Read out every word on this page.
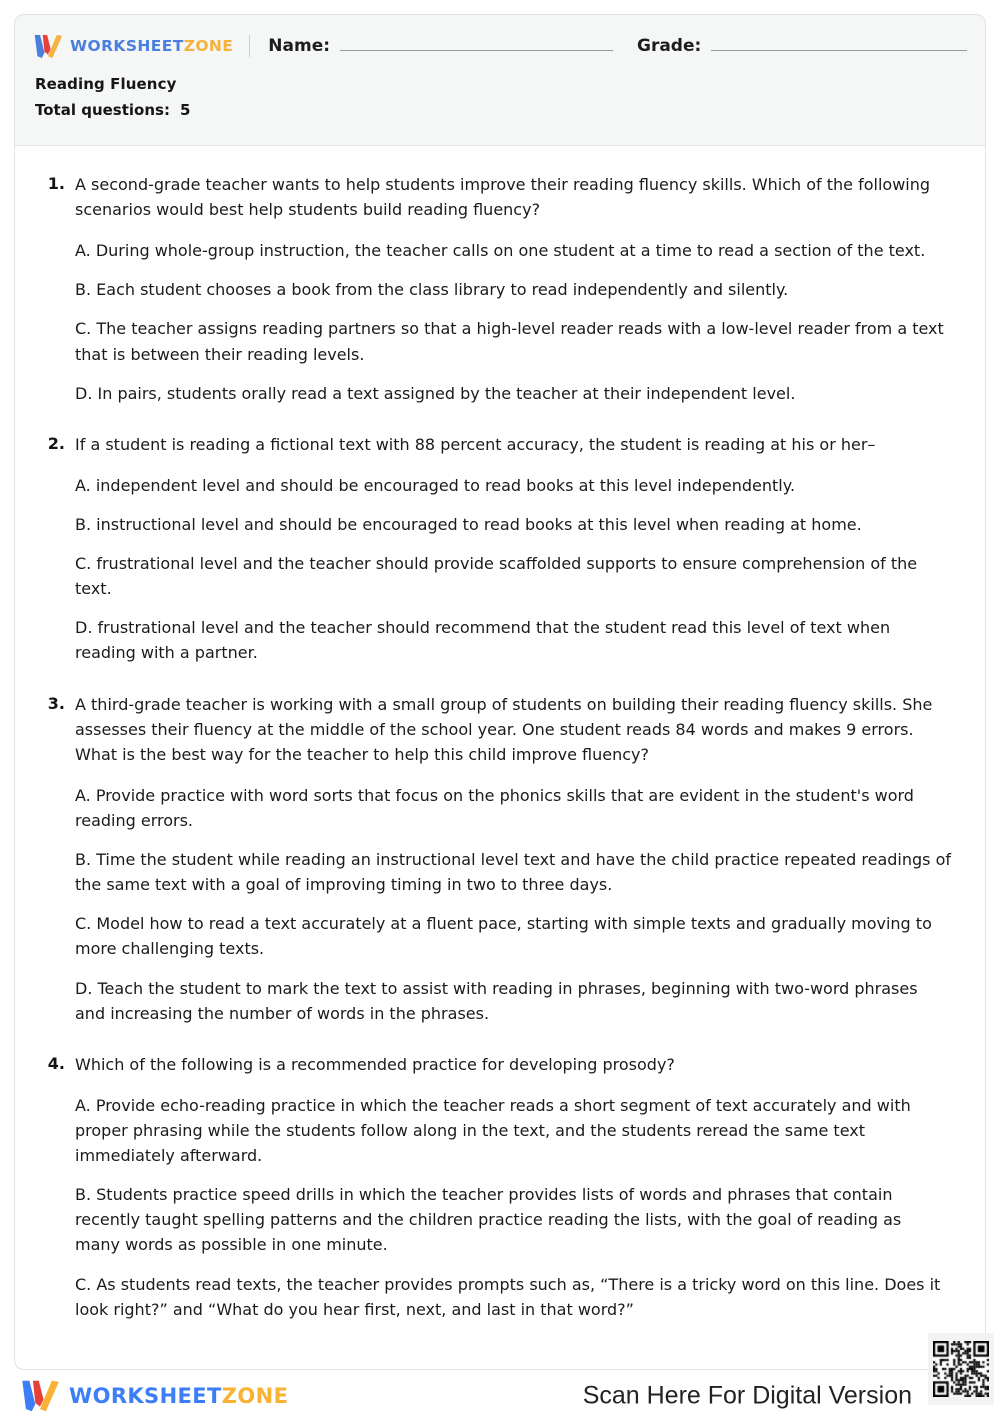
WORKSHEETZONE Name:	Grade:
Reading Fluency
Total questions: 5
1. A second-grade teacher wants to help students improve their reading fluency skills. Which of the following scenarios would best help students build reading fluency?

A. During whole-group instruction, the teacher calls on one student at a time to read a section of the text.

B. Each student chooses a book from the class library to read independently and silently.

C. The teacher assigns reading partners so that a high-level reader reads with a low-level reader from a text that is between their reading levels.

D. In pairs, students orally read a text assigned by the teacher at their independent level.

2. If a student is reading a fictional text with 88 percent accuracy, the student is reading at his or her–

A. independent level and should be encouraged to read books at this level independently.

B. instructional level and should be encouraged to read books at this level when reading at home.

C. frustrational level and the teacher should provide scaffolded supports to ensure comprehension of the text.

D. frustrational level and the teacher should recommend that the student read this level of text when reading with a partner.

3. A third-grade teacher is working with a small group of students on building their reading fluency skills. She assesses their fluency at the middle of the school year. One student reads 84 words and makes 9 errors. What is the best way for the teacher to help this child improve fluency?

A. Provide practice with word sorts that focus on the phonics skills that are evident in the student's word reading errors.

B. Time the student while reading an instructional level text and have the child practice repeated readings of the same text with a goal of improving timing in two to three days.

C. Model how to read a text accurately at a fluent pace, starting with simple texts and gradually moving to more challenging texts.

D. Teach the student to mark the text to assist with reading in phrases, beginning with two-word phrases and increasing the number of words in the phrases.

4. Which of the following is a recommended practice for developing prosody?

A. Provide echo-reading practice in which the teacher reads a short segment of text accurately and with proper phrasing while the students follow along in the text, and the students reread the same text immediately afterward.

B. Students practice speed drills in which the teacher provides lists of words and phrases that contain recently taught spelling patterns and the children practice reading the lists, with the goal of reading as many words as possible in one minute.

C. As students read texts, the teacher provides prompts such as, “There is a tricky word on this line. Does it look right?” and “What do you hear first, next, and last in that word?”

WORKSHEETZONE	Scan Here For Digital Version
